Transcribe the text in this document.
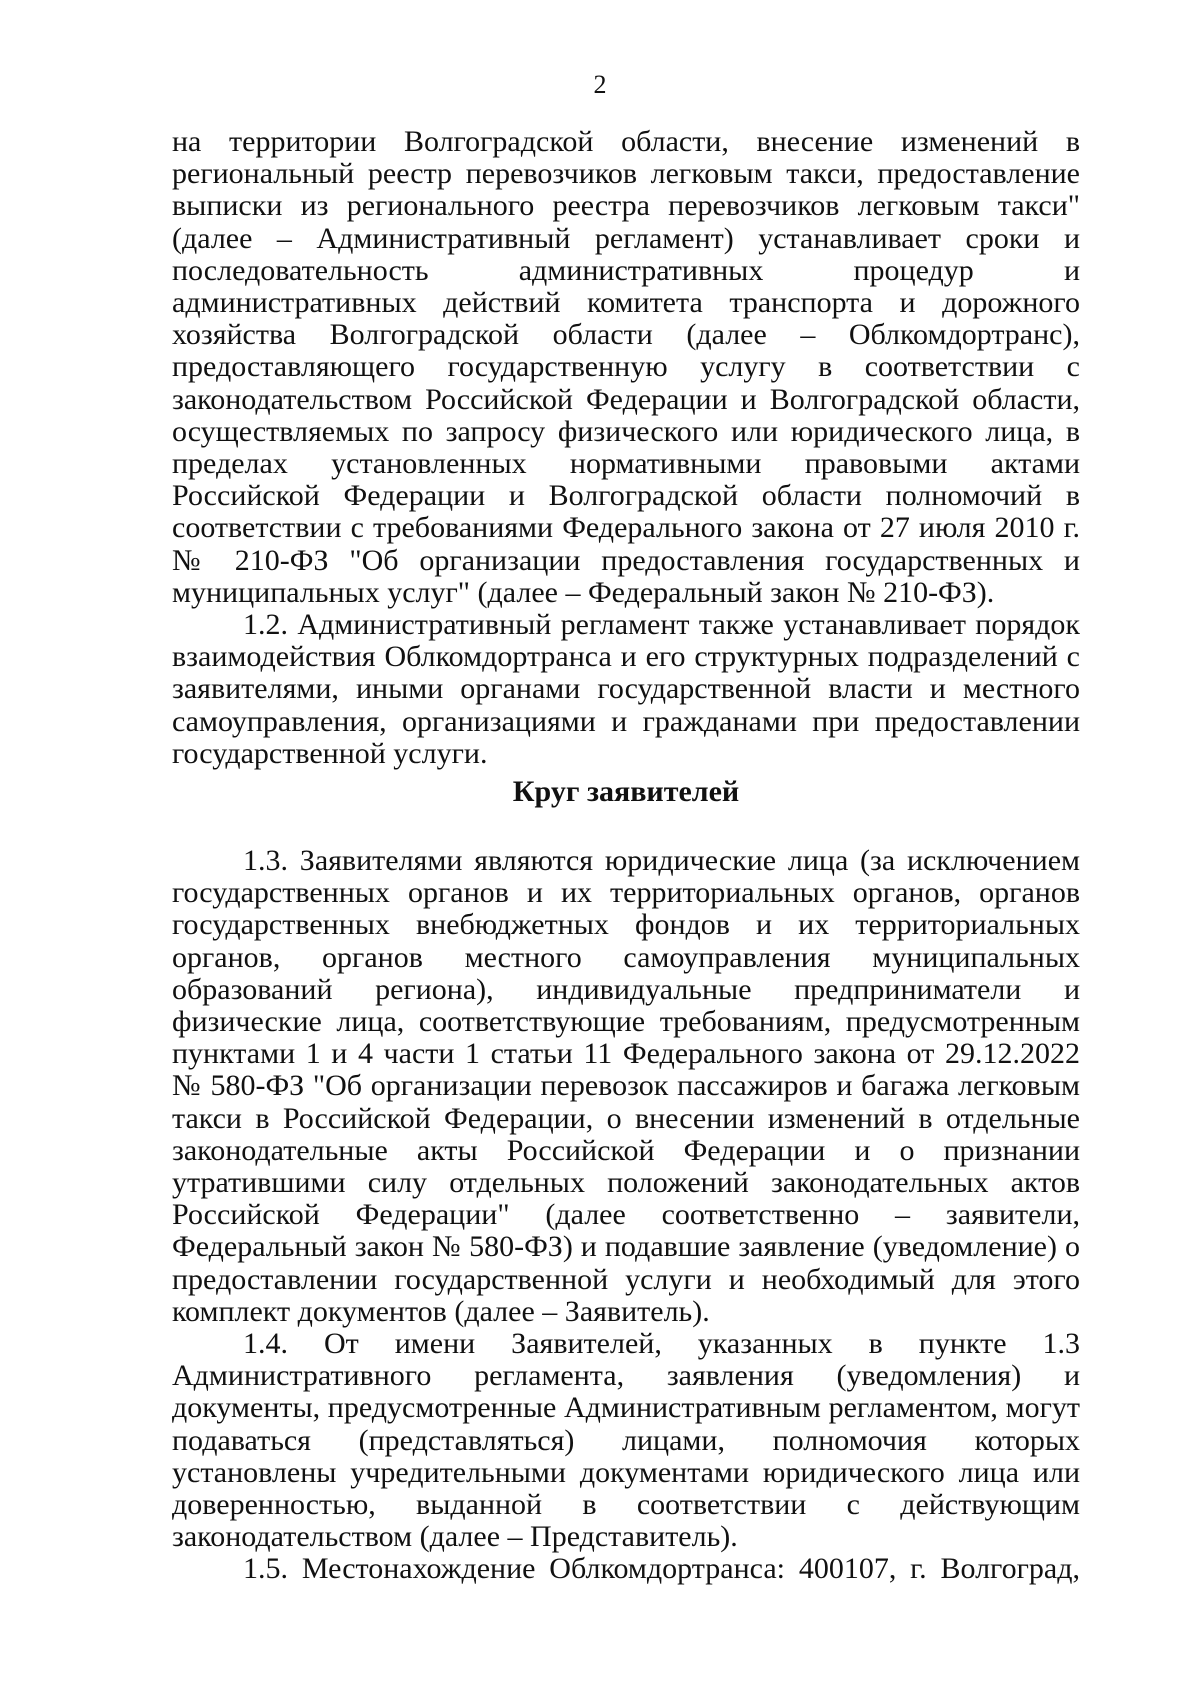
2

на территории Волгоградской области, внесение изменений в региональный реестр перевозчиков легковым такси, предоставление выписки из регионального реестра перевозчиков легковым такси" (далее – Административный регламент) устанавливает сроки и последовательность административных процедур и административных действий комитета транспорта и дорожного хозяйства Волгоградской области (далее – Облкомдортранс), предоставляющего государственную услугу в соответствии с законодательством Российской Федерации и Волгоградской области, осуществляемых по запросу физического или юридического лица, в пределах установленных нормативными правовыми актами Российской Федерации и Волгоградской области полномочий в соответствии с требованиями Федерального закона от 27 июля 2010 г. № 210-ФЗ "Об организации предоставления государственных и муниципальных услуг" (далее – Федеральный закон № 210-ФЗ).

1.2. Административный регламент также устанавливает порядок взаимодействия Облкомдортранса и его структурных подразделений с заявителями, иными органами государственной власти и местного самоуправления, организациями и гражданами при предоставлении государственной услуги.

Круг заявителей

1.3. Заявителями являются юридические лица (за исключением государственных органов и их территориальных органов, органов государственных внебюджетных фондов и их территориальных органов, органов местного самоуправления муниципальных образований региона), индивидуальные предприниматели и физические лица, соответствующие требованиям, предусмотренным пунктами 1 и 4 части 1 статьи 11 Федерального закона от 29.12.2022 № 580-ФЗ "Об организации перевозок пассажиров и багажа легковым такси в Российской Федерации, о внесении изменений в отдельные законодательные акты Российской Федерации и о признании утратившими силу отдельных положений законодательных актов Российской Федерации" (далее соответственно – заявители, Федеральный закон № 580-ФЗ) и подавшие заявление (уведомление) о предоставлении государственной услуги и необходимый для этого комплект документов (далее – Заявитель).

1.4. От имени Заявителей, указанных в пункте 1.3 Административного регламента, заявления (уведомления) и документы, предусмотренные Административным регламентом, могут подаваться (представляться) лицами, полномочия которых установлены учредительными документами юридического лица или доверенностью, выданной в соответствии с действующим законодательством (далее – Представитель).

1.5. Местонахождение Облкомдортранса: 400107, г. Волгоград,
